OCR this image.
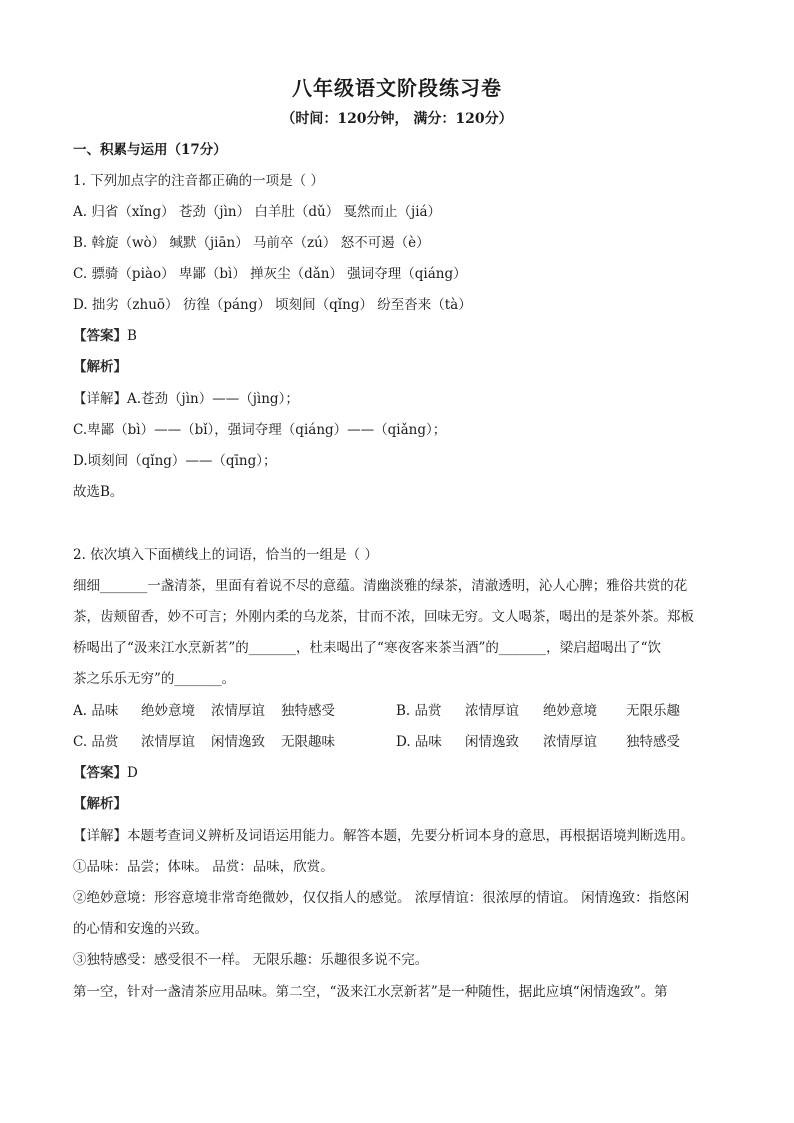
八年级语文阶段练习卷
（时间：120分钟， 满分：120分）
一、积累与运用（17分）
1. 下列加点字的注音都正确的一项是（ ）
A. 归省（xǐng） 苍劲（jìn） 白羊肚（dǔ） 戛然而止（jiá）
B. 斡旋（wò） 缄默（jiān） 马前卒（zú） 怒不可遏（è）
C. 骠骑（piào） 卑鄙（bì） 掸灰尘（dǎn） 强词夺理（qiáng）
D. 拙劣（zhuō） 彷徨（páng） 顷刻间（qǐng） 纷至沓来（tà）
【答案】B
【解析】
【详解】A.苍劲（jìn）——（jìng）；
C.卑鄙（bì）——（bǐ），强词夺理（qiáng）——（qiǎng）；
D.顷刻间（qǐng）——（qīng）；
故选B。
2. 依次填入下面横线上的词语，恰当的一组是（ ）
细细_______一盏清茶，里面有着说不尽的意蕴。清幽淡雅的绿茶，清澈透明，沁人心脾；雅俗共赏的花
茶，齿颊留香，妙不可言；外刚内柔的乌龙茶，甘而不浓，回味无穷。文人喝茶，喝出的是茶外茶。郑板
桥喝出了“汲来江水烹新茗”的_______，杜耒喝出了“寒夜客来茶当酒”的_______，梁启超喝出了“饮
茶之乐乐无穷”的_______。
A. 品味 绝妙意境 浓情厚谊 独特感受	B. 品赏 浓情厚谊 绝妙意境 无限乐趣
C. 品赏 浓情厚谊 闲情逸致 无限趣味	D. 品味 闲情逸致 浓情厚谊 独特感受
【答案】D
【解析】
【详解】本题考查词义辨析及词语运用能力。解答本题，先要分析词本身的意思，再根据语境判断选用。
①品味：品尝；体味。 品赏：品味，欣赏。
②绝妙意境：形容意境非常奇绝微妙，仅仅指人的感觉。 浓厚情谊：很浓厚的情谊。 闲情逸致：指悠闲
的心情和安逸的兴致。
③独特感受：感受很不一样。 无限乐趣：乐趣很多说不完。
第一空，针对一盏清茶应用品味。第二空，“汲来江水烹新茗”是一种随性，据此应填“闲情逸致”。第
